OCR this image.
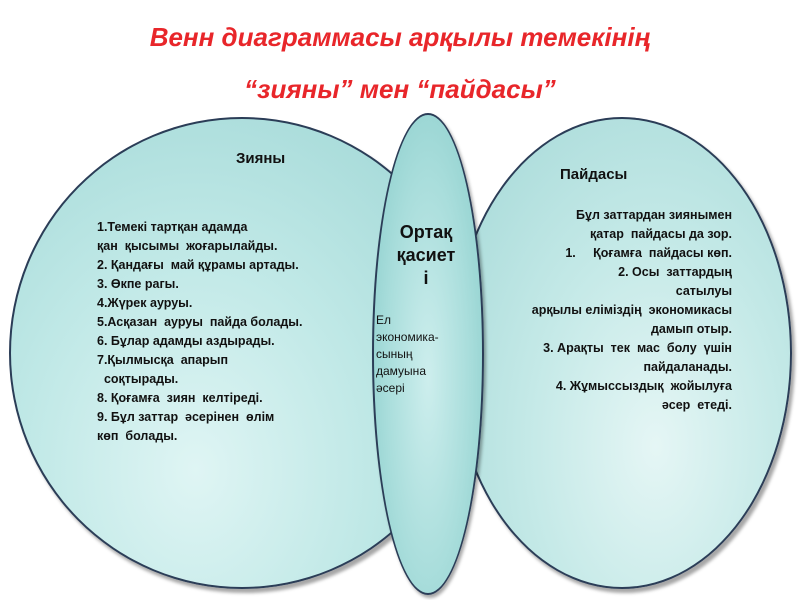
Венн диаграммасы арқылы темекінің
“зияны” мен “пайдасы”
Зияны
1.Темекі тартқан адамда
қан  қысымы  жоғарылайды.
2. Қандағы  май құрамы артады.
3. Өкпе рагы.
4.Жүрек ауруы.
5.Асқазан  ауруы  пайда болады.
6. Бұлар адамды аздырады.
7.Қылмысқа  апарып
соқтырады.
8. Қоғамға  зиян  келтіреді.
9. Бұл заттар  әсерінен  өлім
көп  болады.
Ортақ
қасиет
і
Ел
экономика-
сының
дамуына
әсері
Пайдасы
Бұл заттардан зиянымен
қатар  пайдасы да зор.
1.     Қоғамға  пайдасы көп.
2. Осы  заттардың
сатылуы
арқылы еліміздің  экономикасы
дамып отыр.
3. Арақты  тек  мас  болу  үшін
пайдаланады.
4. Жұмыссыздық  жойылуға
әсер  етеді.
